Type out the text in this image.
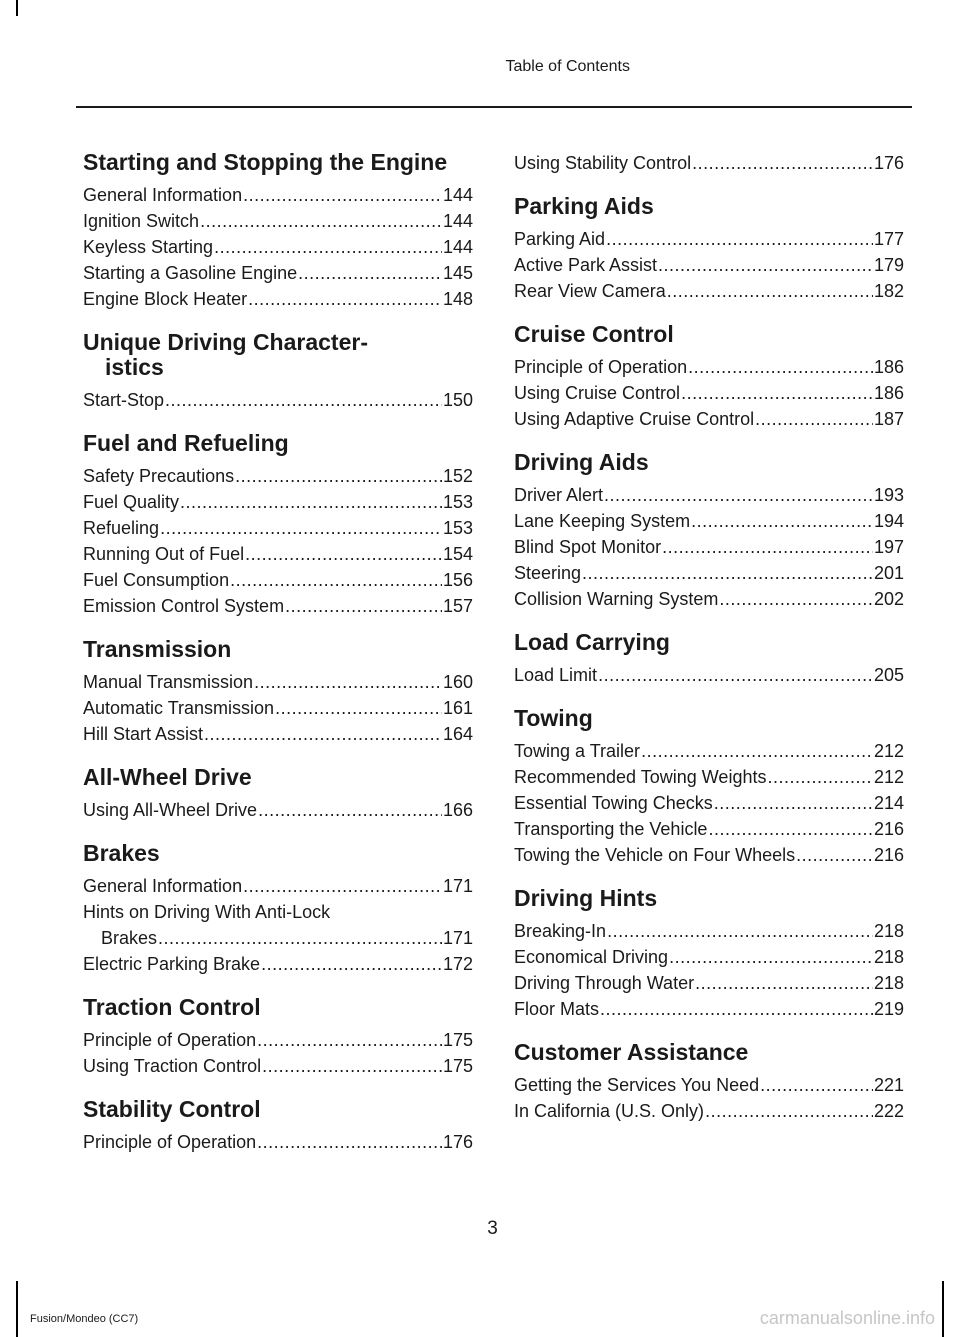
Table of Contents
Starting and Stopping the Engine
General Information .....	144
Ignition Switch .....	144
Keyless Starting .....	144
Starting a Gasoline Engine .....	145
Engine Block Heater .....	148
Unique Driving Character-
istics
Start-Stop .....	150
Fuel and Refueling
Safety Precautions .....	152
Fuel Quality .....	153
Refueling .....	153
Running Out of Fuel .....	154
Fuel Consumption .....	156
Emission Control System .....	157
Transmission
Manual Transmission .....	160
Automatic Transmission .....	161
Hill Start Assist .....	164
All-Wheel Drive
Using All-Wheel Drive .....	166
Brakes
General Information .....	171
Hints on Driving With Anti-Lock
Brakes .....	171
Electric Parking Brake .....	172
Traction Control
Principle of Operation .....	175
Using Traction Control .....	175
Stability Control
Principle of Operation .....	176
Using Stability Control .....	176
Parking Aids
Parking Aid .....	177
Active Park Assist .....	179
Rear View Camera .....	182
Cruise Control
Principle of Operation .....	186
Using Cruise Control .....	186
Using Adaptive Cruise Control .....	187
Driving Aids
Driver Alert .....	193
Lane Keeping System .....	194
Blind Spot Monitor .....	197
Steering .....	201
Collision Warning System .....	202
Load Carrying
Load Limit .....	205
Towing
Towing a Trailer .....	212
Recommended Towing Weights .....	212
Essential Towing Checks .....	214
Transporting the Vehicle .....	216
Towing the Vehicle on Four Wheels .....	216
Driving Hints
Breaking-In .....	218
Economical Driving .....	218
Driving Through Water .....	218
Floor Mats .....	219
Customer Assistance
Getting the Services You Need .....	221
In California (U.S. Only) .....	222
3
Fusion/Mondeo (CC7)	carmanualsonline.info
